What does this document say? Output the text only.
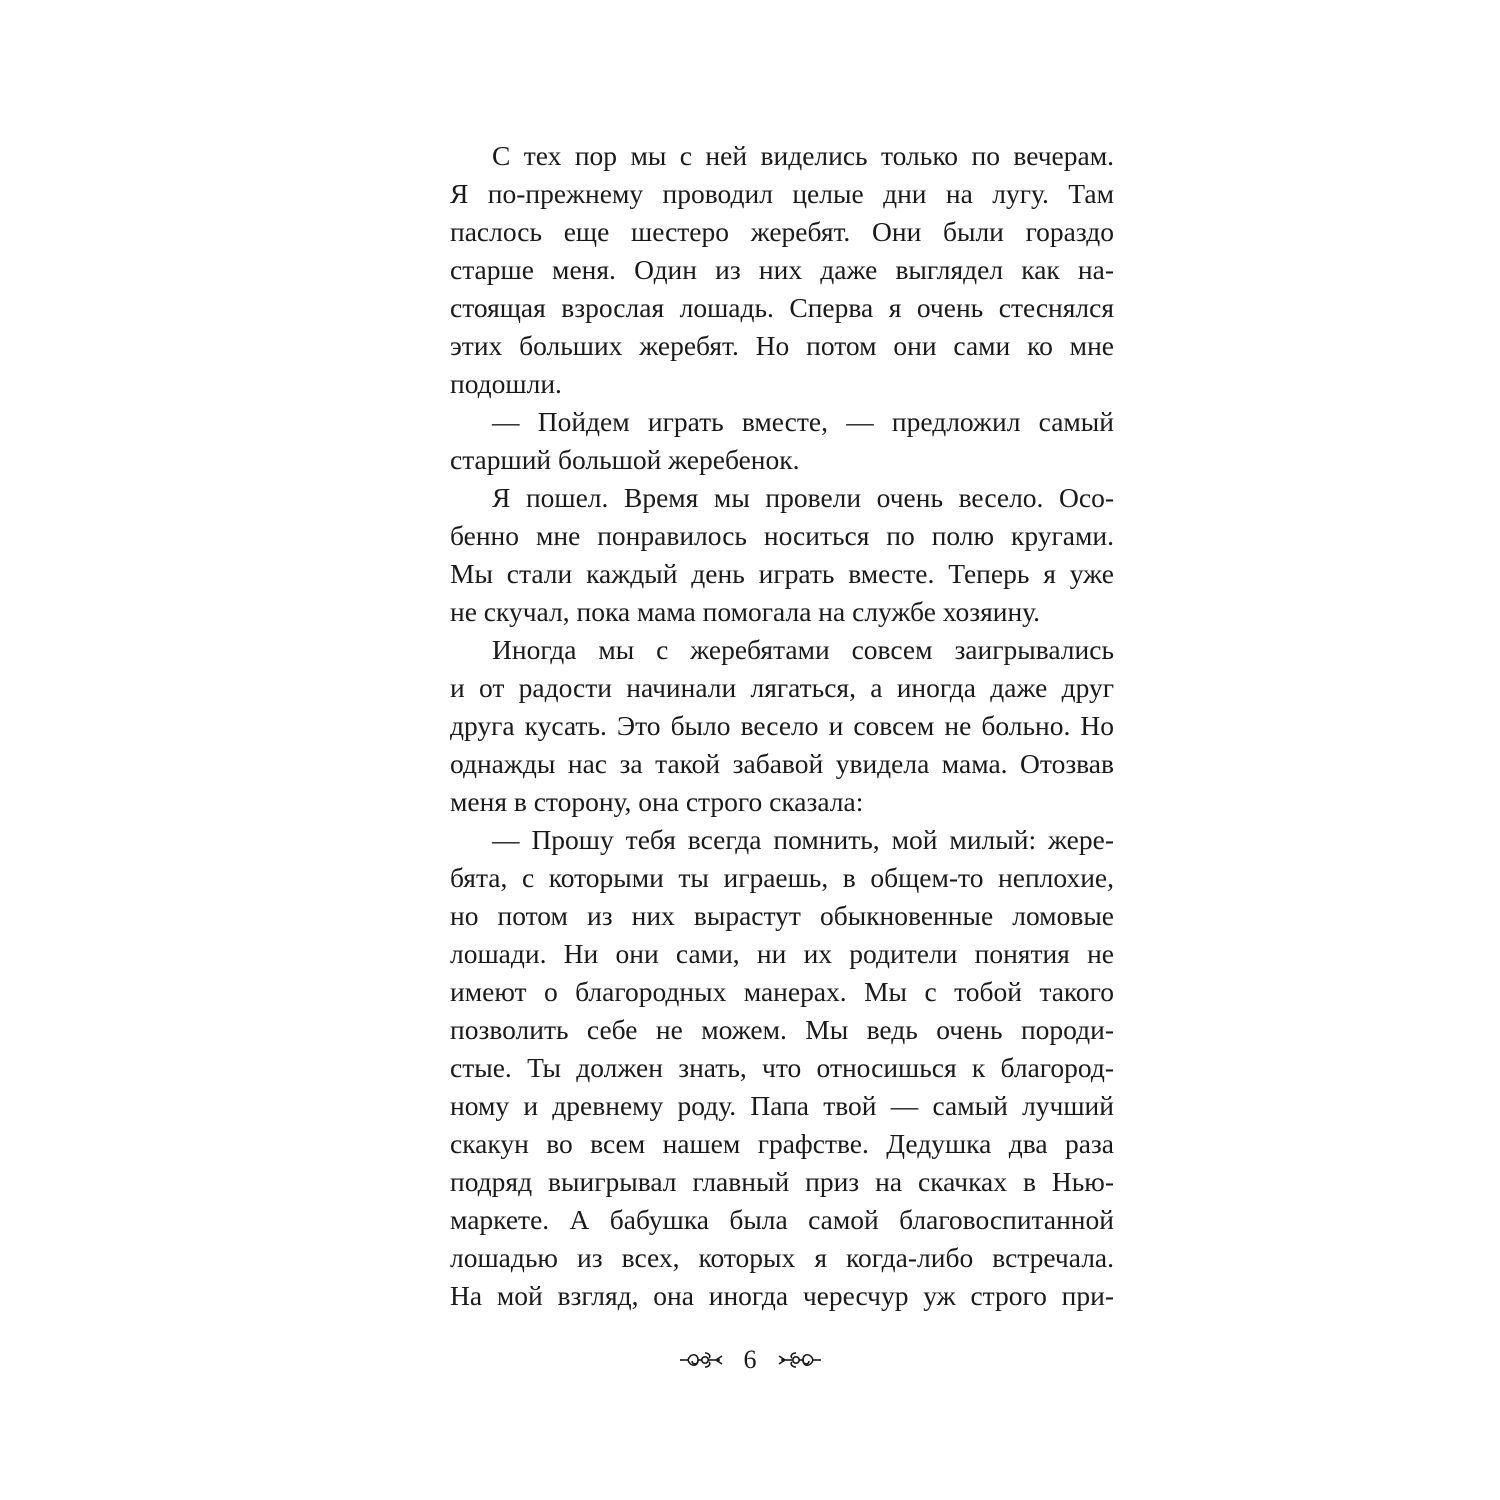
С тех пор мы с ней виделись только по вечерам.
Я по-прежнему проводил целые дни на лугу. Там
паслось еще шестеро жеребят. Они были гораздо
старше меня. Один из них даже выглядел как на-
стоящая взрослая лошадь. Сперва я очень стеснялся
этих больших жеребят. Но потом они сами ко мне
подошли.
— Пойдем играть вместе, — предложил самый
старший большой жеребенок.
Я пошел. Время мы провели очень весело. Осо-
бенно мне понравилось носиться по полю кругами.
Мы стали каждый день играть вместе. Теперь я уже
не скучал, пока мама помогала на службе хозяину.
Иногда мы с жеребятами совсем заигрывались
и от радости начинали лягаться, а иногда даже друг
друга кусать. Это было весело и совсем не больно. Но
однажды нас за такой забавой увидела мама. Отозвав
меня в сторону, она строго сказала:
— Прошу тебя всегда помнить, мой милый: жере-
бята, с которыми ты играешь, в общем-то неплохие,
но потом из них вырастут обыкновенные ломовые
лошади. Ни они сами, ни их родители понятия не
имеют о благородных манерах. Мы с тобой такого
позволить себе не можем. Мы ведь очень породи-
стые. Ты должен знать, что относишься к благород-
ному и древнему роду. Папа твой — самый лучший
скакун во всем нашем графстве. Дедушка два раза
подряд выигрывал главный приз на скачках в Нью-
маркете. А бабушка была самой благовоспитанной
лошадью из всех, которых я когда-либо встречала.
На мой взгляд, она иногда чересчур уж строго при-
6
